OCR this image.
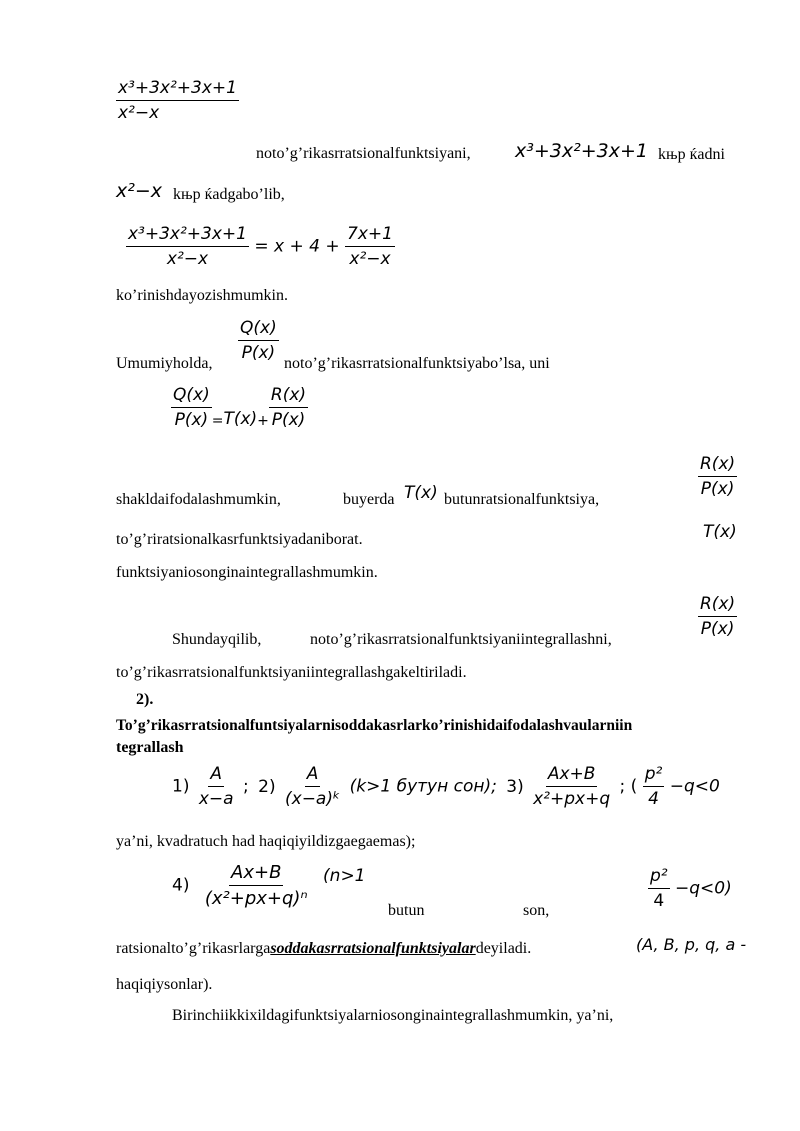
$\frac{\text{x³+3x²+3x+1}}{\text{x²−x}}$
noto’g’rikasrratsionalfunktsiyani, x³+3x²+3x+1 kњр ќadni
x²−x kњр ќadgabo’lib,
$\frac{\text{x³+3x²+3x+1}}{\text{x²−x}} = x + 4 + \frac{7x+1}{\text{x²−x}}$
ko’rinishdayozishmumkin.
$\frac{Q(x)}{P(x)}$
Umumiyholda,	noto’g’rikasrratsionalfunktsiyabo’lsa, uni
$\frac{Q(x)}{P(x)} _=T(x)_+ \frac{R(x)}{P(x)}$
shakldaifodalashmumkin,	buyerda T(x) butunratsionalfunktsiya,
$\frac{R(x)}{P(x)}$
to’g’riratsionalkasrfunktsiyadaniborat.	T(x)
funktsiyaniosonginaintegrallashmumkin.
Shundayqilib,	noto’g’rikasrratsionalfunktsiyaniintegrallashni,
$\frac{R(x)}{P(x)}$
to’g’rikasrratsionalfunktsiyaniintegrallashgakeltiriladi.
2).
To’g’rikasrratsionalfuntsiyalarnisoddakasrlarko’rinishidaifodalashvaularniin
tegrallash
$1) \frac{A}{x-a}$ ; $2) \frac{A}{\text{(x−a)ᵏ}} (k>1$ бутун сон); $3) \frac{Ax+B}{\text{x²+px+q}}$ ; ( $\frac{\text{p²}}{4} -q<0$
ya’ni, kvadratuch had haqiqiyildizgaegaemas);
$4) \frac{Ax+B}{\text{(x²+px+q)ⁿ}} (n>1$
butun	son,	$\frac{\text{p²}}{4} -q<0$)
ratsionalto’g’rikasrlargasoddakasrratsionalfunktsiyalardeyiladi.	(A, B, p, q, a -
haqiqiysonlar).
Birinchiikkixildagifunktsiyalarniosonginaintegrallashmumkin, ya’ni,
